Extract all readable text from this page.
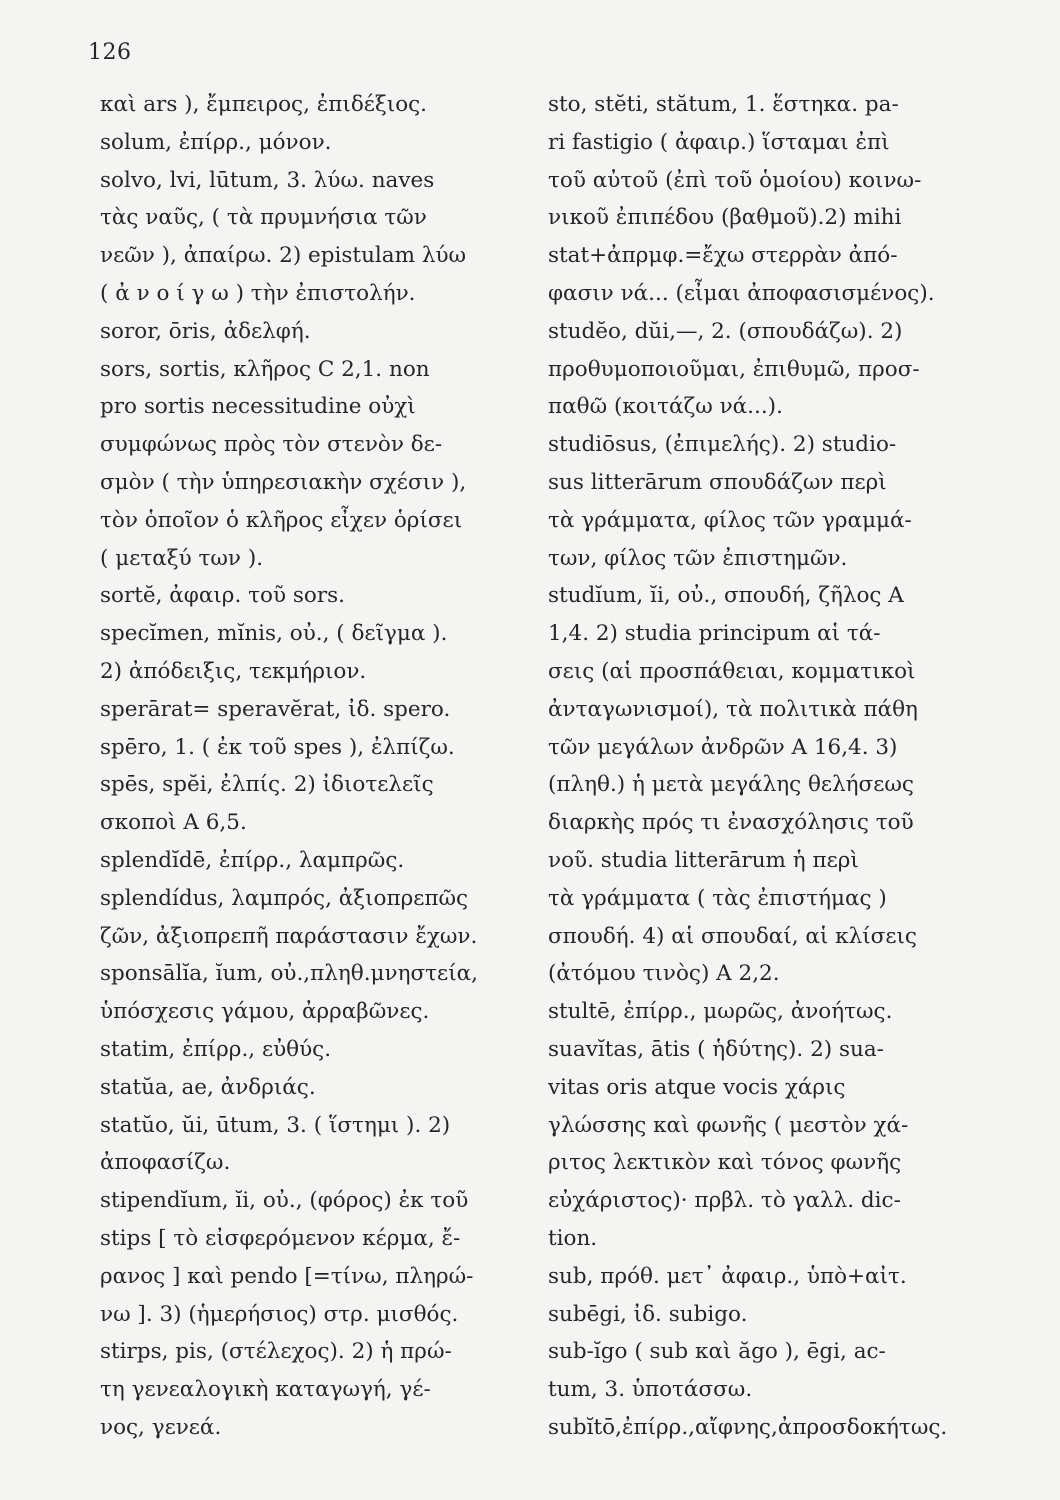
126
καὶ ars ), ἔμπειρος, ἐπιδέξιος.
solum, ἐπίρρ., μόνον.
solvo, lvi, lūtum, 3. λύω. naves
τὰς ναῦς, ( τὰ πρυμνήσια τῶν
νεῶν ), ἀπαίρω. 2) epistulam λύω
( ἀ ν ο ί γ ω ) τὴν ἐπιστολήν.
soror, ōris, ἀδελφή.
sors, sortis, κλῆρος C 2,1. non
pro sortis necessitudine οὐχὶ
συμφώνως πρὸς τὸν στενὸν δε-
σμὸν ( τὴν ὑπηρεσιακὴν σχέσιν ),
τὸν ὁποῖον ὁ κλῆρος εἶχεν ὁρίσει
( μεταξύ των ).
sortĕ, ἀφαιρ. τοῦ sors.
specĭmen, mĭnis, οὐ., ( δεῖγμα ).
2) ἀπόδειξις, τεκμήριον.
sperārat= speravĕrat, ἰδ. spero.
spēro, 1. ( ἐκ τοῦ spes ), ἐλπίζω.
spēs, spĕi, ἐλπίς. 2) ἰδιοτελεῖς
σκοποὶ A 6,5.
splendĭdē, ἐπίρρ., λαμπρῶς.
splendídus, λαμπρός, ἀξιοπρεπῶς
ζῶν, ἀξιοπρεπῆ παράστασιν ἔχων.
sponsālĭa, ĭum, οὐ.,πληθ.μνηστεία,
ὑπόσχεσις γάμου, ἀρραβῶνες.
statim, ἐπίρρ., εὐθύς.
statŭa, ae, ἀνδριάς.
statŭo, ŭi, ūtum, 3. ( ἵστημι ). 2)
ἀποφασίζω.
stipendĭum, ĭi, οὐ., (φόρος) ἐκ τοῦ
stips [ τὸ εἰσφερόμενον κέρμα, ἔ-
ρανος ] καὶ pendo [=τίνω, πληρώ-
νω ]. 3) (ἡμερήσιος) στρ. μισθός.
stirps, pis, (στέλεχος). 2) ἡ πρώ-
τη γενεαλογικὴ καταγωγή, γέ-
νος, γενεά.
sto, stĕti, stătum, 1. ἕστηκα. pa-
ri fastigio ( ἀφαιρ.) ἵσταμαι ἐπὶ
τοῦ αὐτοῦ (ἐπὶ τοῦ ὁμοίου) κοινω-
νικοῦ ἐπιπέδου (βαθμοῦ).2) mihi
stat+ἀπρμφ.=ἔχω στερρὰν ἀπό-
φασιν νά... (εἶμαι ἀποφασισμένος).
studĕo, dŭi,—, 2. (σπουδάζω). 2)
προθυμοποιοῦμαι, ἐπιθυμῶ, προσ-
παθῶ (κοιτάζω νά...).
studiōsus, (ἐπιμελής). 2) studio-
sus litterārum σπουδάζων περὶ
τὰ γράμματα, φίλος τῶν γραμμά-
των, φίλος τῶν ἐπιστημῶν.
studĭum, ĭi, οὐ., σπουδή, ζῆλος A
1,4. 2) studia principum αἱ τά-
σεις (αἱ προσπάθειαι, κομματικοὶ
ἀνταγωνισμοί), τὰ πολιτικὰ πάθη
τῶν μεγάλων ἀνδρῶν A 16,4. 3)
(πληθ.) ἡ μετὰ μεγάλης θελήσεως
διαρκὴς πρός τι ἐνασχόλησις τοῦ
νοῦ. studia litterārum ἡ περὶ
τὰ γράμματα ( τὰς ἐπιστήμας )
σπουδή. 4) αἱ σπουδαί, αἱ κλίσεις
(ἀτόμου τινὸς) A 2,2.
stultē, ἐπίρρ., μωρῶς, ἀνοήτως.
suavĭtas, ātis ( ἡδύτης). 2) sua-
vitas oris atque vocis χάρις
γλώσσης καὶ φωνῆς ( μεστὸν χά-
ριτος λεκτικὸν καὶ τόνος φωνῆς
εὐχάριστος)· πρβλ. τὸ γαλλ. dic-
tion.
sub, πρόθ. μετ᾽ ἀφαιρ., ὑπὸ+αἰτ.
subēgi, ἰδ. subigo.
sub-ĭgo ( sub καὶ ăgo ), ēgi, ac-
tum, 3. ὑποτάσσω.
subĭtō,ἐπίρρ.,αἴφνης,ἀπροσδοκήτως.
